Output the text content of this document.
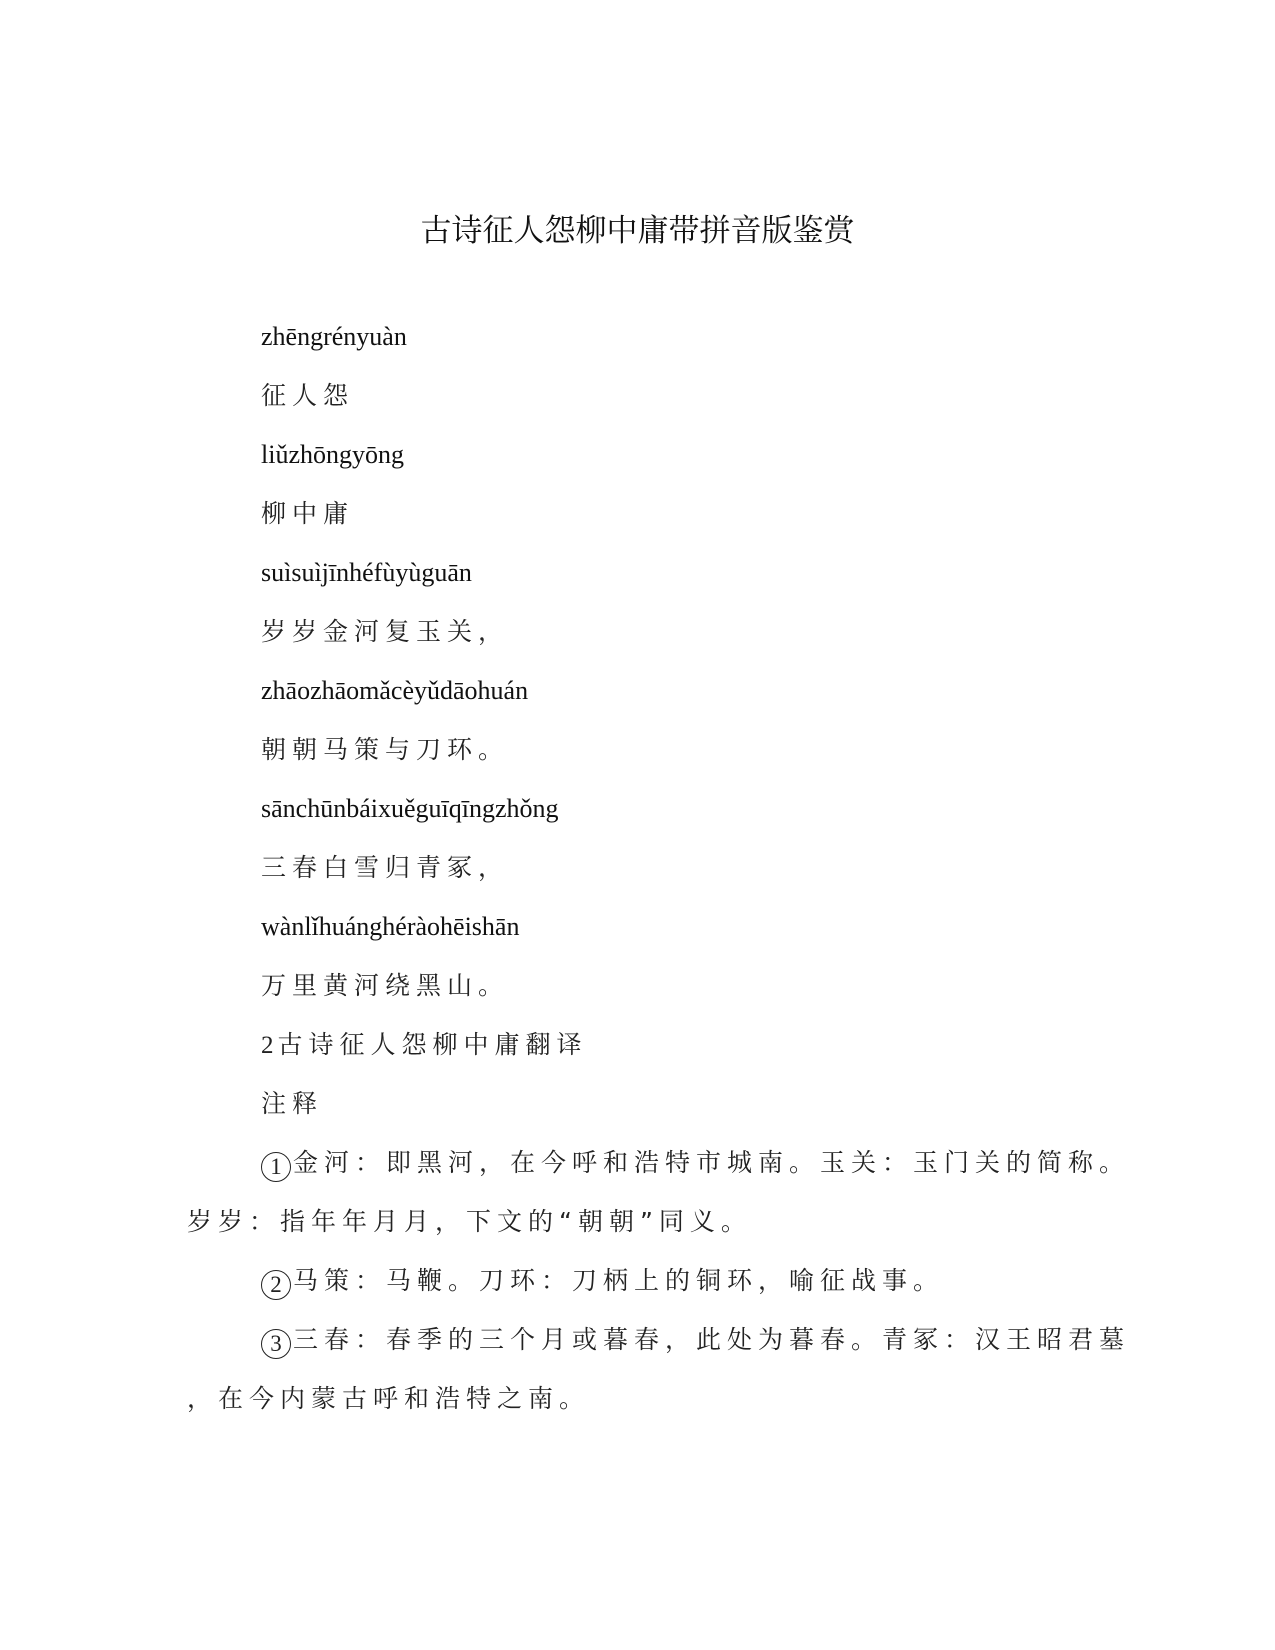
古诗征人怨柳中庸带拼音版鉴赏
zhēngrényuàn
征人怨
liǔzhōngyōng
柳中庸
suìsuìjīnhéfùyùguān
岁岁金河复玉关，
zhāozhāomǎcèyǔdāohuán
朝朝马策与刀环。
sānchūnbáixuěguīqīngzhǒng
三春白雪归青冢，
wànlǐhuánghéràohēishān
万里黄河绕黑山。
2 古诗征人怨柳中庸翻译
注释
1 金河：即黑河，在今呼和浩特市城南。玉关：玉门关的简称。
岁岁：指年年月月，下文的“朝朝”同义。
2 马策：马鞭。刀环：刀柄上的铜环，喻征战事。
3 三春：春季的三个月或暮春，此处为暮春。青冢：汉王昭君墓
，在今内蒙古呼和浩特之南。
